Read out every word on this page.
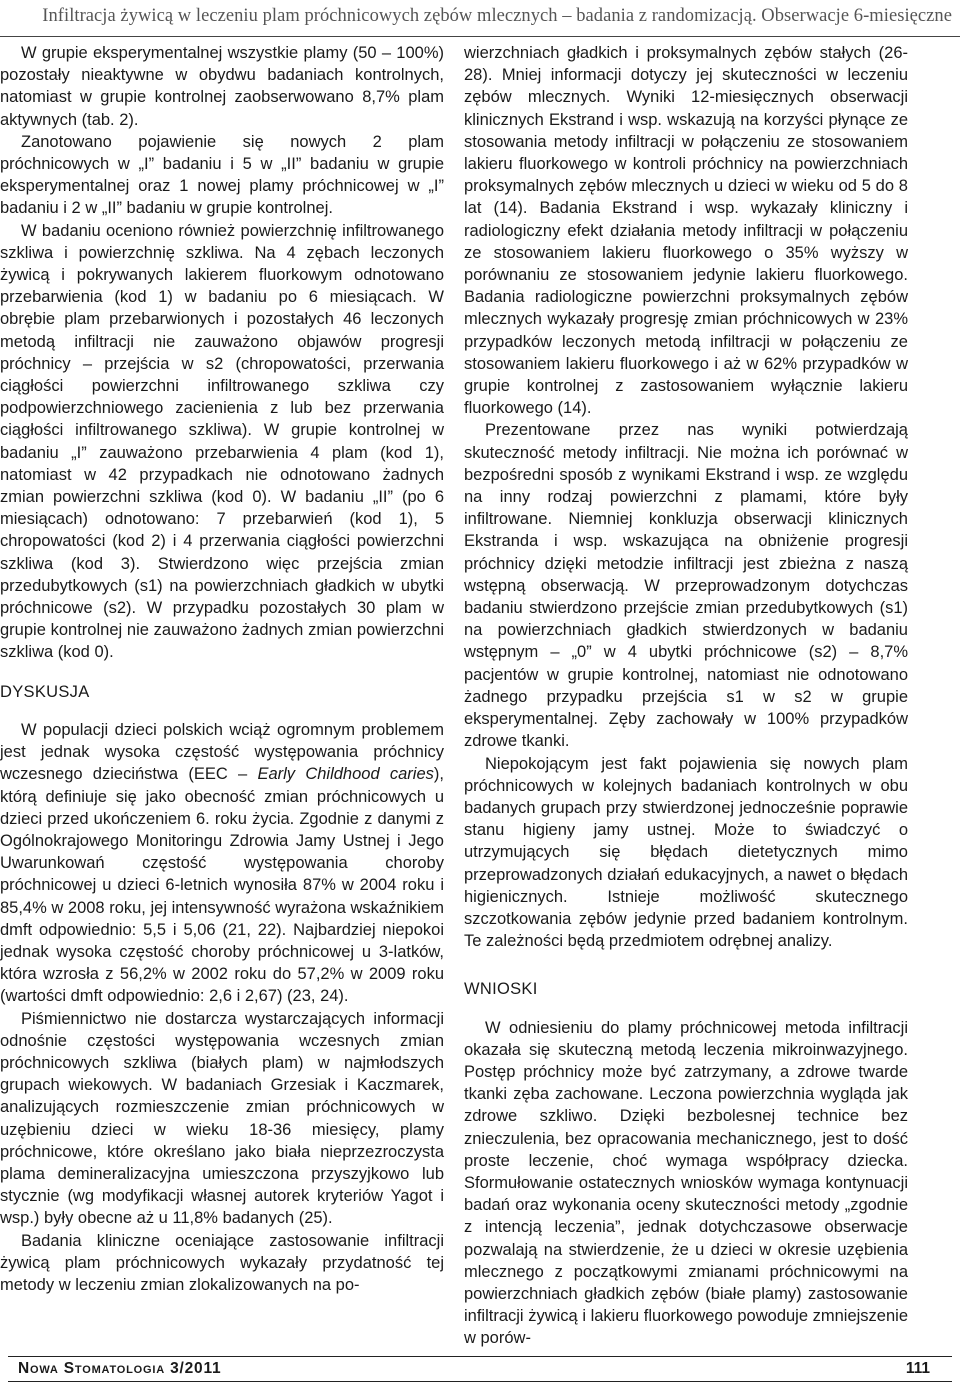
Infiltracja żywicą w leczeniu plam próchnicowych zębów mlecznych – badania z randomizacją. Obserwacje 6-miesięczne

W grupie eksperymentalnej wszystkie plamy (50 – 100%) pozostały nieaktywne w obydwu badaniach kontrolnych, natomiast w grupie kontrolnej zaobserwowano 8,7% plam aktywnych (tab. 2).

Zanotowano pojawienie się nowych 2 plam próchnicowych w „I” badaniu i 5 w „II” badaniu w grupie eksperymentalnej oraz 1 nowej plamy próchnicowej w „I” badaniu i 2 w „II” badaniu w grupie kontrolnej.

W badaniu oceniono również powierzchnię infiltrowanego szkliwa i powierzchnię szkliwa. Na 4 zębach leczonych żywicą i pokrywanych lakierem fluorkowym odnotowano przebarwienia (kod 1) w badaniu po 6 miesiącach. W obrębie plam przebarwionych i pozostałych 46 leczonych metodą infiltracji nie zauważono objawów progresji próchnicy – przejścia w s2 (chropowatości, przerwania ciągłości powierzchni infiltrowanego szkliwa czy podpowierzchniowego zacienienia z lub bez przerwania ciągłości infiltrowanego szkliwa). W grupie kontrolnej w badaniu „I” zauważono przebarwienia 4 plam (kod 1), natomiast w 42 przypadkach nie odnotowano żadnych zmian powierzchni szkliwa (kod 0). W badaniu „II” (po 6 miesiącach) odnotowano: 7 przebarwień (kod 1), 5 chropowatości (kod 2) i 4 przerwania ciągłości powierzchni szkliwa (kod 3). Stwierdzono więc przejścia zmian przedubytkowych (s1) na powierzchniach gładkich w ubytki próchnicowe (s2). W przypadku pozostałych 30 plam w grupie kontrolnej nie zauważono żadnych zmian powierzchni szkliwa (kod 0).

DYSKUSJA

W populacji dzieci polskich wciąż ogromnym problemem jest jednak wysoka częstość występowania próchnicy wczesnego dzieciństwa (EEC – Early Childhood caries), którą definiuje się jako obecność zmian próchnicowych u dzieci przed ukończeniem 6. roku życia. Zgodnie z danymi z Ogólnokrajowego Monitoringu Zdrowia Jamy Ustnej i Jego Uwarunkowań częstość występowania choroby próchnicowej u dzieci 6-letnich wynosiła 87% w 2004 roku i 85,4% w 2008 roku, jej intensywność wyrażona wskaźnikiem dmft odpowiednio: 5,5 i 5,06 (21, 22). Najbardziej niepokoi jednak wysoka częstość choroby próchnicowej u 3-latków, która wzrosła z 56,2% w 2002 roku do 57,2% w 2009 roku (wartości dmft odpowiednio: 2,6 i 2,67) (23, 24).

Piśmiennictwo nie dostarcza wystarczających informacji odnośnie częstości występowania wczesnych zmian próchnicowych szkliwa (białych plam) w najmłodszych grupach wiekowych. W badaniach Grzesiak i Kaczmarek, analizujących rozmieszczenie zmian próchnicowych w uzębieniu dzieci w wieku 18-36 miesięcy, plamy próchnicowe, które określano jako biała nieprzezroczysta plama demineralizacyjna umieszczona przyszyjkowo lub stycznie (wg modyfikacji własnej autorek kryteriów Yagot i wsp.) były obecne aż u 11,8% badanych (25).

Badania kliniczne oceniające zastosowanie infiltracji żywicą plam próchnicowych wykazały przydatność tej metody w leczeniu zmian zlokalizowanych na po-

wierzchniach gładkich i proksymalnych zębów stałych (26-28). Mniej informacji dotyczy jej skuteczności w leczeniu zębów mlecznych. Wyniki 12-miesięcznych obserwacji klinicznych Ekstrand i wsp. wskazują na korzyści płynące ze stosowania metody infiltracji w połączeniu ze stosowaniem lakieru fluorkowego w kontroli próchnicy na powierzchniach proksymalnych zębów mlecznych u dzieci w wieku od 5 do 8 lat (14). Badania Ekstrand i wsp. wykazały kliniczny i radiologiczny efekt działania metody infiltracji w połączeniu ze stosowaniem lakieru fluorkowego o 35% wyższy w porównaniu ze stosowaniem jedynie lakieru fluorkowego. Badania radiologiczne powierzchni proksymalnych zębów mlecznych wykazały progresję zmian próchnicowych w 23% przypadków leczonych metodą infiltracji w połączeniu ze stosowaniem lakieru fluorkowego i aż w 62% przypadków w grupie kontrolnej z zastosowaniem wyłącznie lakieru fluorkowego (14).

Prezentowane przez nas wyniki potwierdzają skuteczność metody infiltracji. Nie można ich porównać w bezpośredni sposób z wynikami Ekstrand i wsp. ze względu na inny rodzaj powierzchni z plamami, które były infiltrowane. Niemniej konkluzja obserwacji klinicznych Ekstranda i wsp. wskazująca na obniżenie progresji próchnicy dzięki metodzie infiltracji jest zbieżna z naszą wstępną obserwacją. W przeprowadzonym dotychczas badaniu stwierdzono przejście zmian przedubytkowych (s1) na powierzchniach gładkich stwierdzonych w badaniu wstępnym – „0” w 4 ubytki próchnicowe (s2) – 8,7% pacjentów w grupie kontrolnej, natomiast nie odnotowano żadnego przypadku przejścia s1 w s2 w grupie eksperymentalnej. Zęby zachowały w 100% przypadków zdrowe tkanki.

Niepokojącym jest fakt pojawienia się nowych plam próchnicowych w kolejnych badaniach kontrolnych w obu badanych grupach przy stwierdzonej jednocześnie poprawie stanu higieny jamy ustnej. Może to świadczyć o utrzymujących się błędach dietetycznych mimo przeprowadzonych działań edukacyjnych, a nawet o błędach higienicznych. Istnieje możliwość skutecznego szczotkowania zębów jedynie przed badaniem kontrolnym. Te zależności będą przedmiotem odrębnej analizy.

WNIOSKI

W odniesieniu do plamy próchnicowej metoda infiltracji okazała się skuteczną metodą leczenia mikroinwazyjnego. Postęp próchnicy może być zatrzymany, a zdrowe twarde tkanki zęba zachowane. Leczona powierzchnia wygląda jak zdrowe szkliwo. Dzięki bezbolesnej technice bez znieczulenia, bez opracowania mechanicznego, jest to dość proste leczenie, choć wymaga współpracy dziecka. Sformułowanie ostatecznych wniosków wymaga kontynuacji badań oraz wykonania oceny skuteczności metody „zgodnie z intencją leczenia”, jednak dotychczasowe obserwacje pozwalają na stwierdzenie, że u dzieci w okresie uzębienia mlecznego z początkowymi zmianami próchnicowymi na powierzchniach gładkich zębów (białe plamy) zastosowanie infiltracji żywicą i lakieru fluorkowego powoduje zmniejszenie w porów-

Nowa Stomatologia 3/2011	111
